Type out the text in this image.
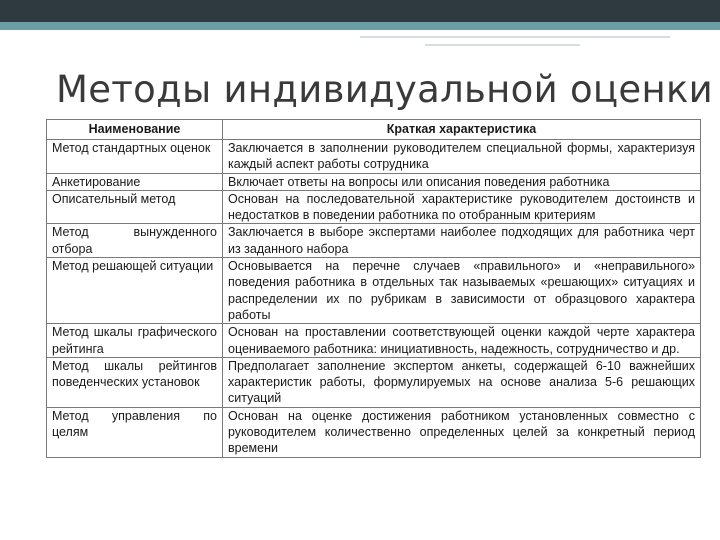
Методы индивидуальной оценки
Наименование	Краткая характеристика
Метод стандартных оценок	Заключается в заполнении руководителем специальной формы, характеризуя каждый аспект работы сотрудника
Анкетирование	Включает ответы на вопросы или описания поведения работника
Описательный метод	Основан на последовательной характеристике руководителем достоинств и недостатков в поведении работника по отобранным критериям
Метод вынужденного отбора	Заключается в выборе экспертами наиболее подходящих для работника черт из заданного набора
Метод решающей ситуации	Основывается на перечне случаев «правильного» и «неправильного» поведения работника в отдельных так называемых «решающих» ситуациях и распределении их по рубрикам в зависимости от образцового характера работы
Метод шкалы графического рейтинга	Основан на проставлении соответствующей оценки каждой черте характера оцениваемого работника: инициативность, надежность, сотрудничество и др.
Метод шкалы рейтингов поведенческих установок	Предполагает заполнение экспертом анкеты, содержащей 6-10 важнейших характеристик работы, формулируемых на основе анализа 5-6 решающих ситуаций
Метод управления по целям	Основан на оценке достижения работником установленных совместно с руководителем количественно определенных целей за конкретный период времени
